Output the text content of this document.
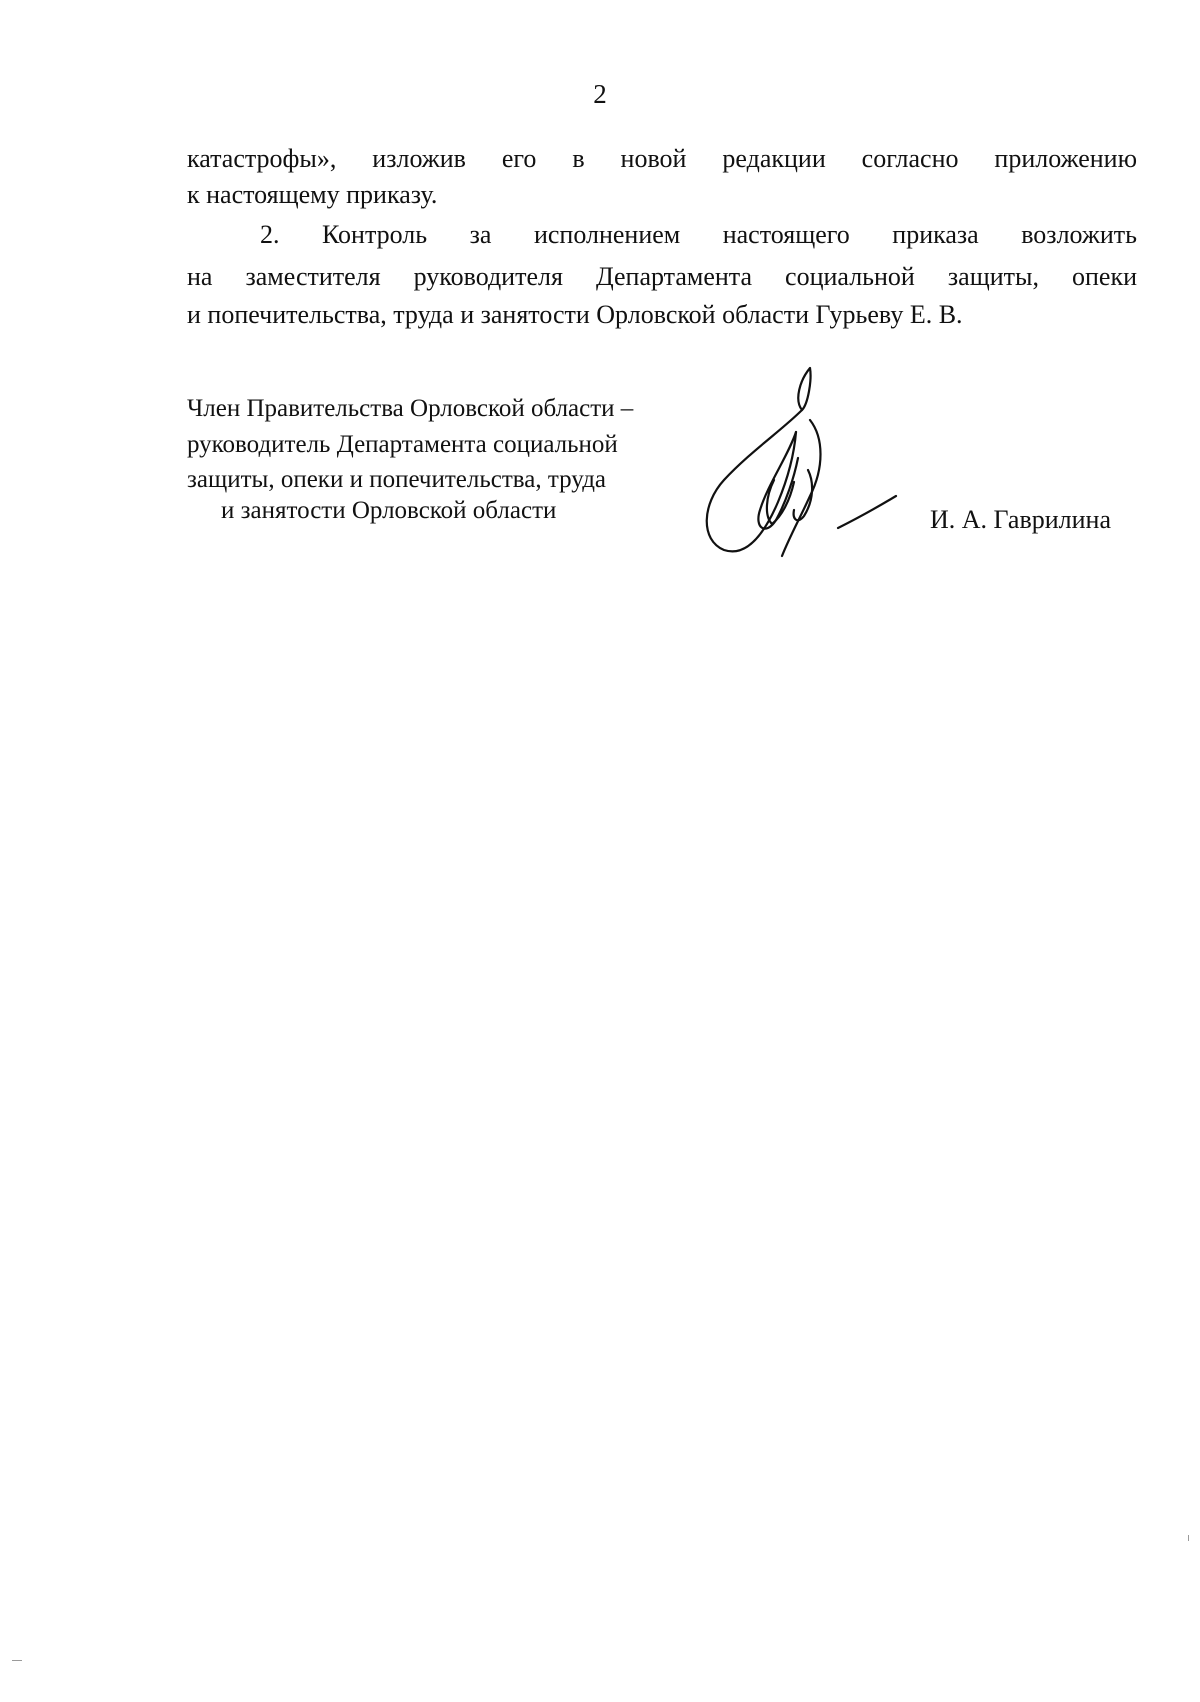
2
катастрофы», изложив его в новой редакции согласно приложению
к настоящему приказу.
2. Контроль за исполнением настоящего приказа возложить
на заместителя руководителя Департамента социальной защиты, опеки
и попечительства, труда и занятости Орловской области Гурьеву Е. В.
Член Правительства Орловской области –
руководитель Департамента социальной
защиты, опеки и попечительства, труда
и занятости Орловской области	И. А. Гаврилина
